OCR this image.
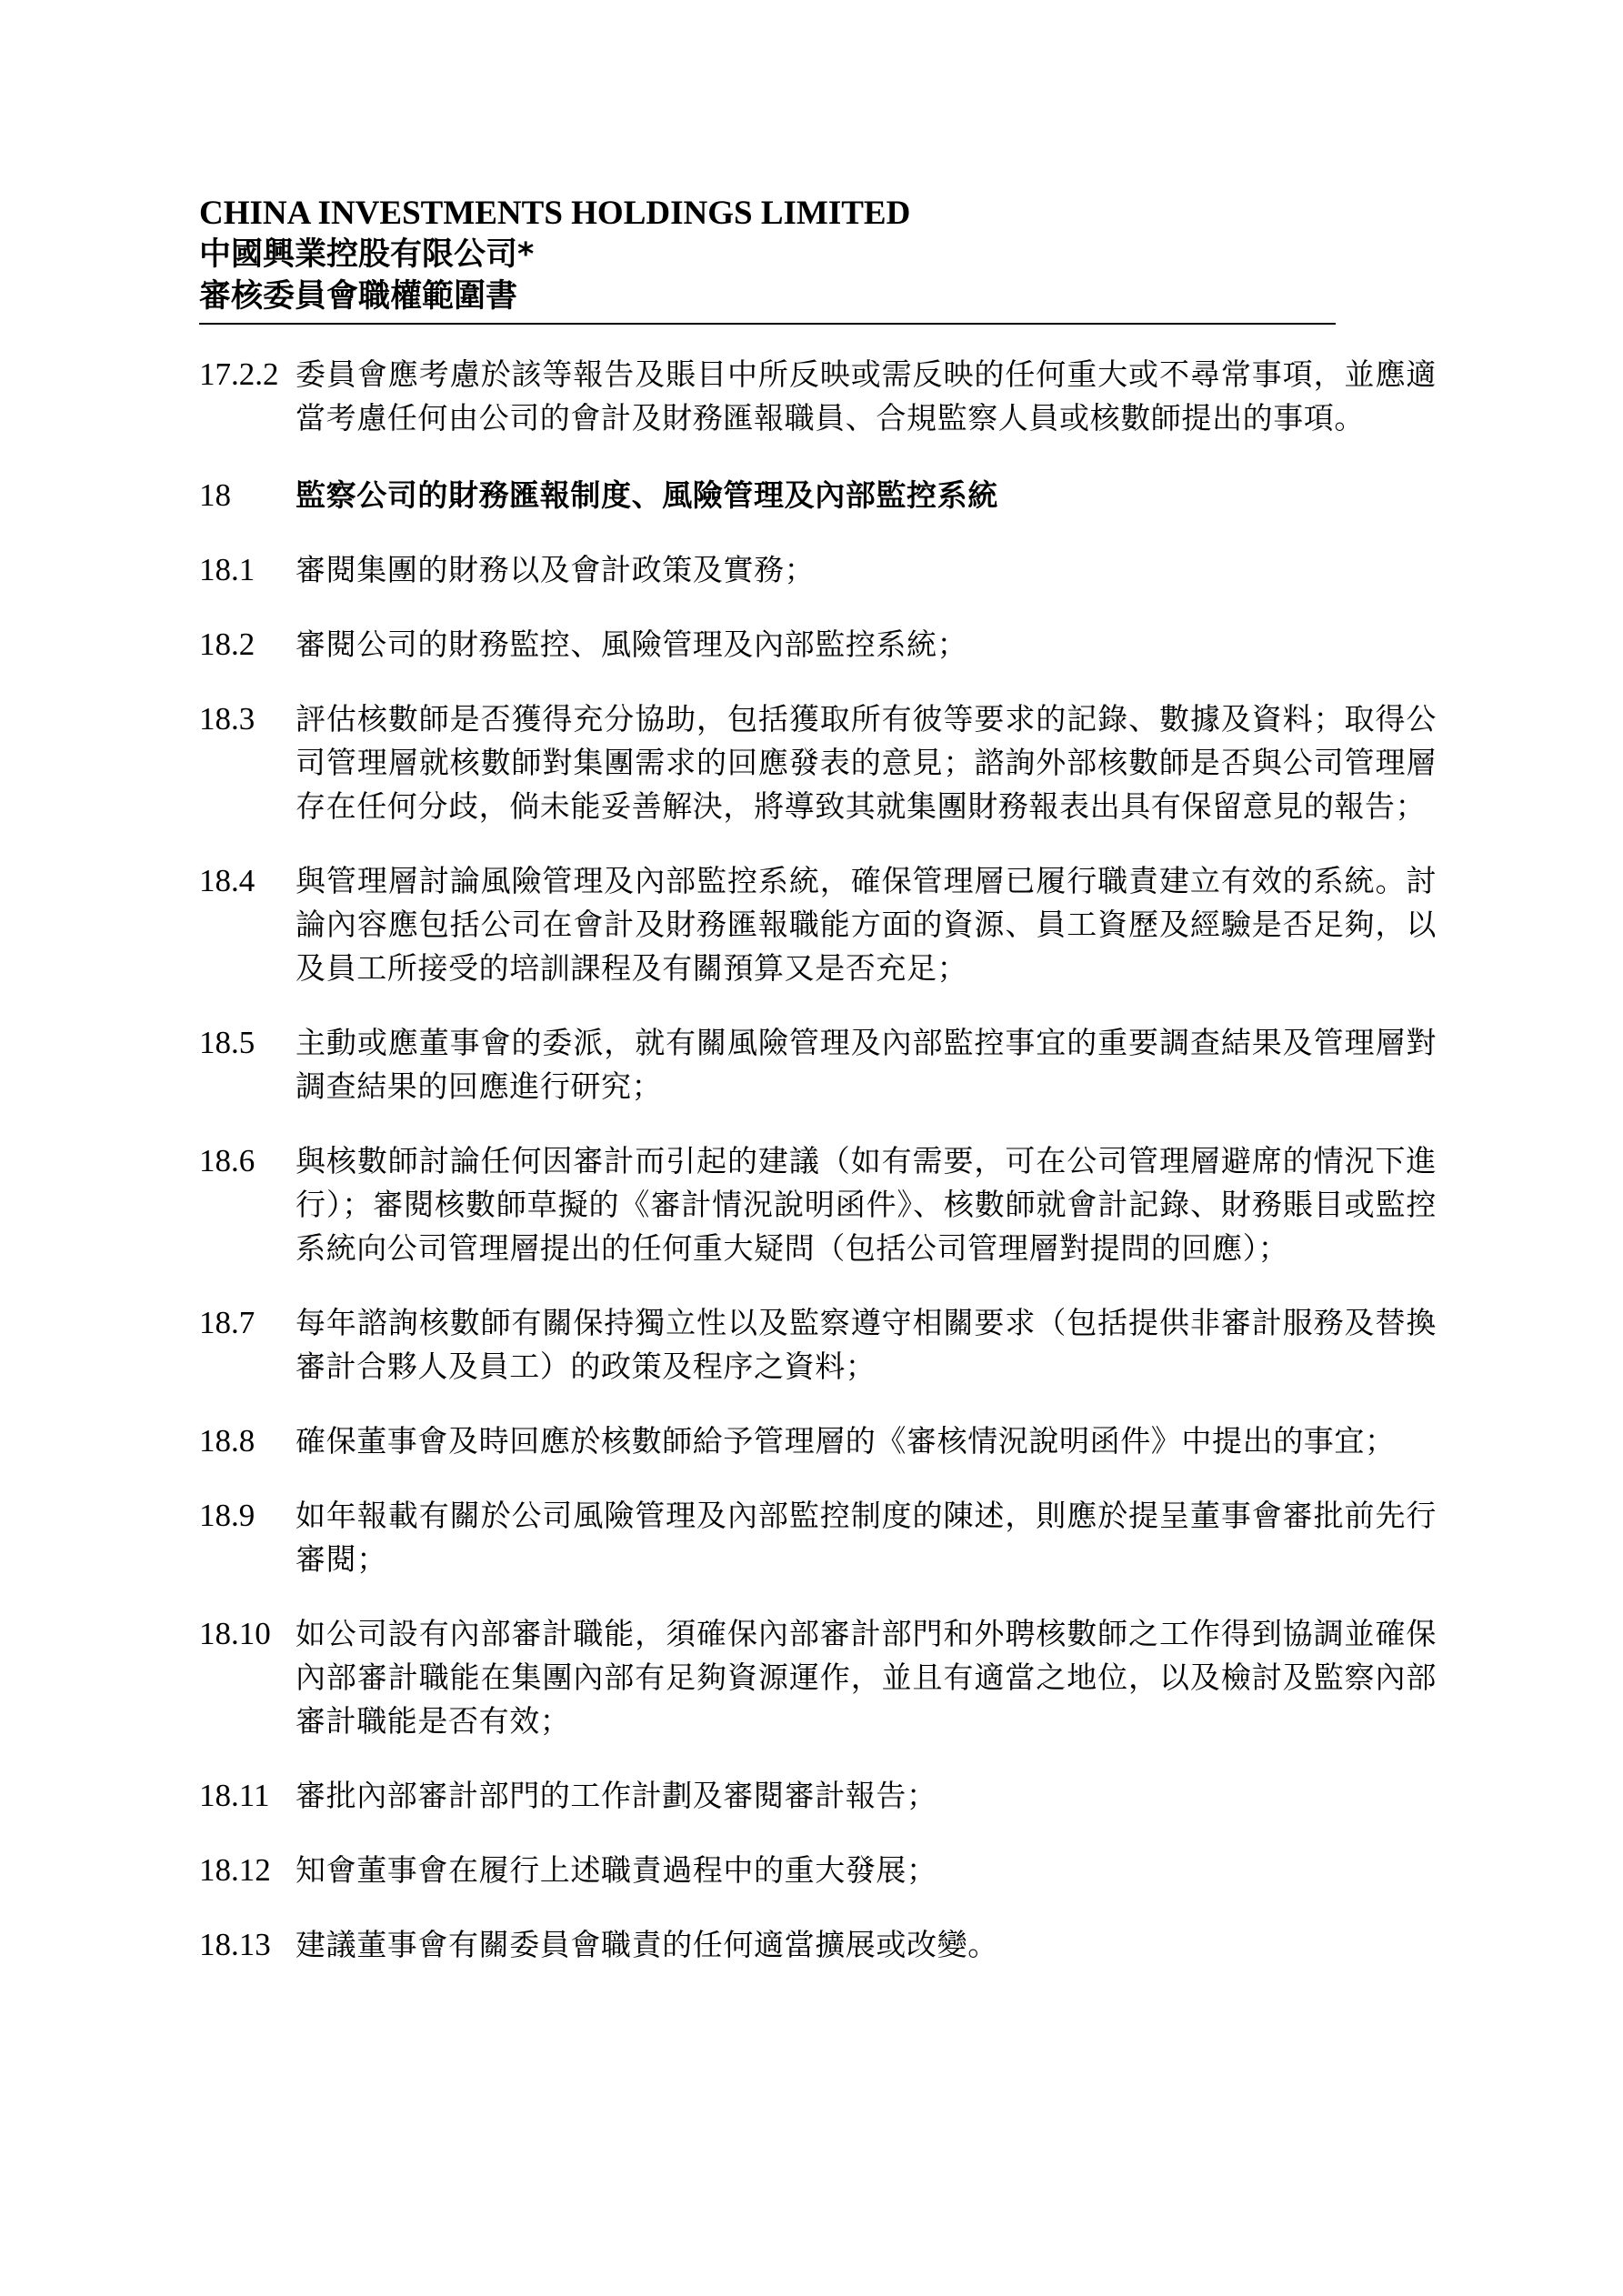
CHINA INVESTMENTS HOLDINGS LIMITED
中國興業控股有限公司*
審核委員會職權範圍書
17.2.2 委員會應考慮於該等報告及賬目中所反映或需反映的任何重大或不尋常事項，並應適當考慮任何由公司的會計及財務匯報職員、合規監察人員或核數師提出的事項。
18 監察公司的財務匯報制度、風險管理及內部監控系統
18.1 審閱集團的財務以及會計政策及實務；
18.2 審閱公司的財務監控、風險管理及內部監控系統；
18.3 評估核數師是否獲得充分協助，包括獲取所有彼等要求的記錄、數據及資料；取得公司管理層就核數師對集團需求的回應發表的意見；諮詢外部核數師是否與公司管理層存在任何分歧，倘未能妥善解決，將導致其就集團財務報表出具有保留意見的報告；
18.4 與管理層討論風險管理及內部監控系統，確保管理層已履行職責建立有效的系統。討論內容應包括公司在會計及財務匯報職能方面的資源、員工資歷及經驗是否足夠，以及員工所接受的培訓課程及有關預算又是否充足；
18.5 主動或應董事會的委派，就有關風險管理及內部監控事宜的重要調查結果及管理層對調查結果的回應進行研究；
18.6 與核數師討論任何因審計而引起的建議（如有需要，可在公司管理層避席的情況下進行）；審閱核數師草擬的《審計情況說明函件》、核數師就會計記錄、財務賬目或監控系統向公司管理層提出的任何重大疑問（包括公司管理層對提問的回應）；
18.7 每年諮詢核數師有關保持獨立性以及監察遵守相關要求（包括提供非審計服務及替換審計合夥人及員工）的政策及程序之資料；
18.8 確保董事會及時回應於核數師給予管理層的《審核情況說明函件》中提出的事宜；
18.9 如年報載有關於公司風險管理及內部監控制度的陳述，則應於提呈董事會審批前先行審閱；
18.10 如公司設有內部審計職能，須確保內部審計部門和外聘核數師之工作得到協調並確保內部審計職能在集團內部有足夠資源運作，並且有適當之地位，以及檢討及監察內部審計職能是否有效；
18.11 審批內部審計部門的工作計劃及審閱審計報告；
18.12 知會董事會在履行上述職責過程中的重大發展；
18.13 建議董事會有關委員會職責的任何適當擴展或改變。
